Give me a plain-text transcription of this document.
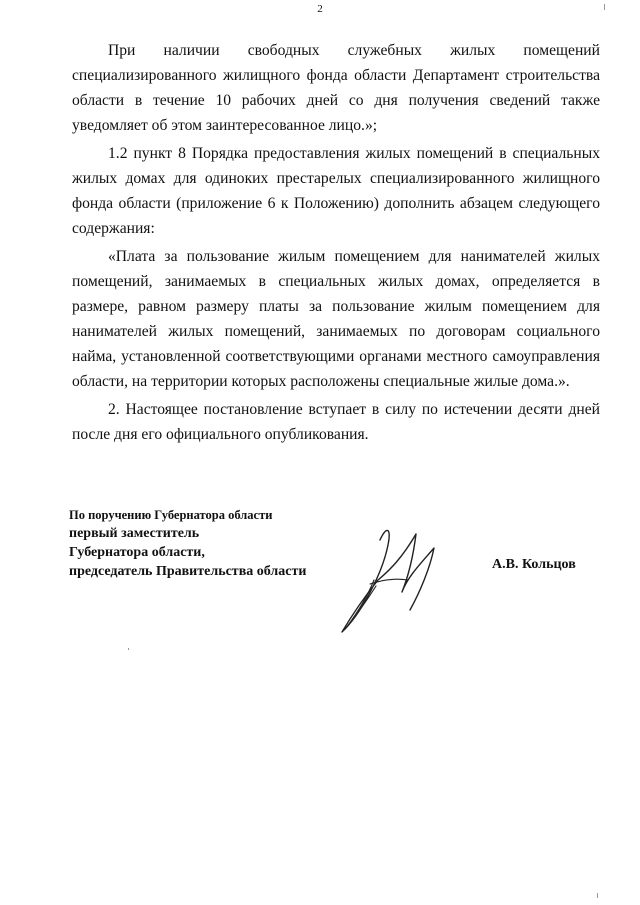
2

При наличии свободных служебных жилых помещений специализированного жилищного фонда области Департамент строительства области в течение 10 рабочих дней со дня получения сведений также уведомляет об этом заинтересованное лицо.»;

1.2 пункт 8 Порядка предоставления жилых помещений в специальных жилых домах для одиноких престарелых специализированного жилищного фонда области (приложение 6 к Положению) дополнить абзацем следующего содержания:

«Плата за пользование жилым помещением для нанимателей жилых помещений, занимаемых в специальных жилых домах, определяется в размере, равном размеру платы за пользование жилым помещением для нанимателей жилых помещений, занимаемых по договорам социального найма, установленной соответствующими органами местного самоуправления области, на территории которых расположены специальные жилые дома.».

2. Настоящее постановление вступает в силу по истечении десяти дней после дня его официального опубликования.

По поручению Губернатора области
первый заместитель
Губернатора области,
председатель Правительства области	А.В. Кольцов
